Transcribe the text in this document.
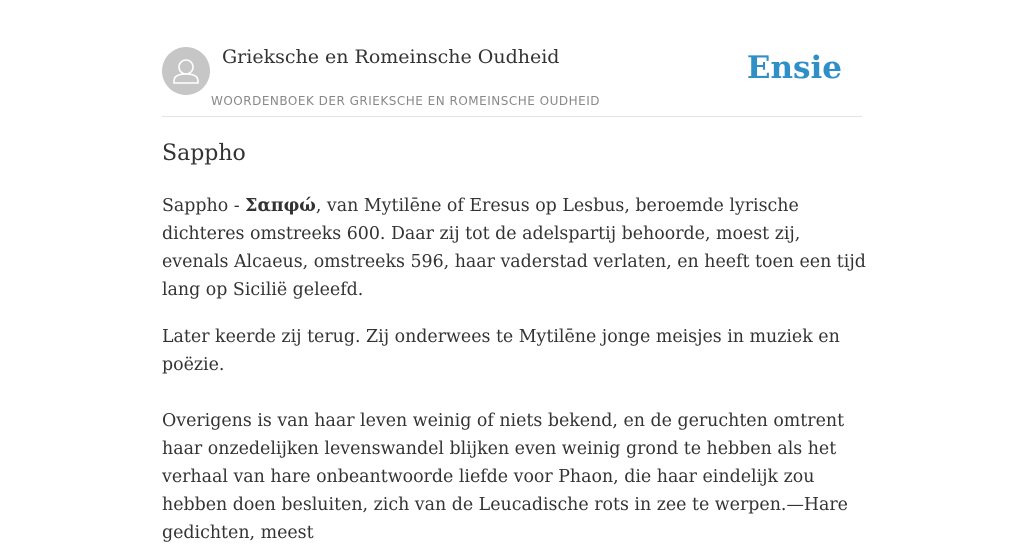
Grieksche en Romeinsche Oudheid
WOORDENBOEK DER GRIEKSCHE EN ROMEINSCHE OUDHEID
Ensie
Sappho

Sappho - Σαπφώ, van Mytilēne of Eresus op Lesbus, beroemde lyrische dichteres omstreeks 600. Daar zij tot de adelspartij behoorde, moest zij, evenals Alcaeus, omstreeks 596, haar vaderstad verlaten, en heeft toen een tijd lang op Sicilië geleefd.

Later keerde zij terug. Zij onderwees te Mytilēne jonge meisjes in muziek en poëzie.

Overigens is van haar leven weinig of niets bekend, en de geruchten omtrent haar onzedelijken levenswandel blijken even weinig grond te hebben als het verhaal van hare onbeantwoorde liefde voor Phaon, die haar eindelijk zou hebben doen besluiten, zich van de Leucadische rots in zee te werpen.—Hare gedichten, meest
